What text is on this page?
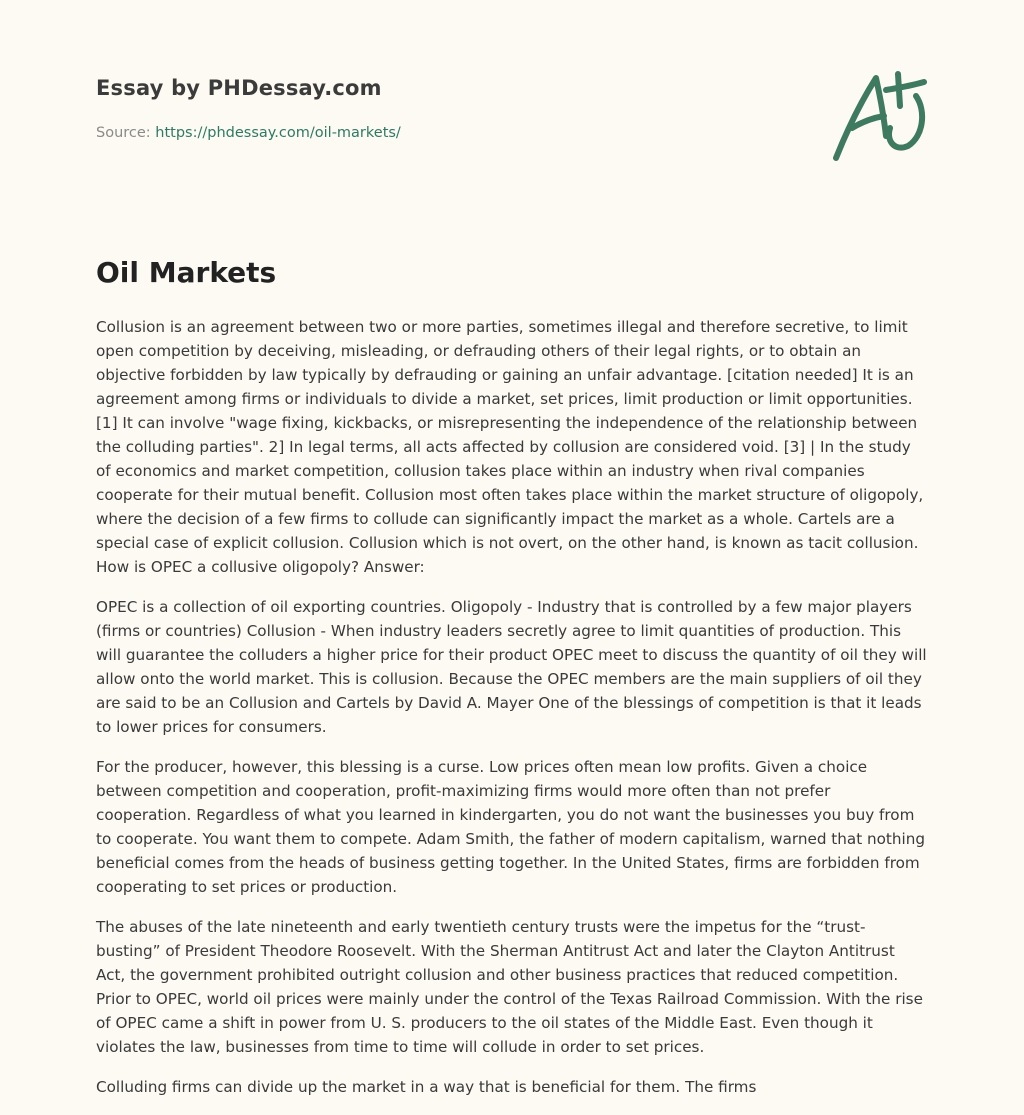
Essay by PHDessay.com
Source: https://phdessay.com/oil-markets/
Oil Markets

Collusion is an agreement between two or more parties, sometimes illegal and therefore secretive, to limit open competition by deceiving, misleading, or defrauding others of their legal rights, or to obtain an objective forbidden by law typically by defrauding or gaining an unfair advantage. [citation needed] It is an agreement among firms or individuals to divide a market, set prices, limit production or limit opportunities. [1] It can involve "wage fixing, kickbacks, or misrepresenting the independence of the relationship between the colluding parties". 2] In legal terms, all acts affected by collusion are considered void. [3] | In the study of economics and market competition, collusion takes place within an industry when rival companies cooperate for their mutual benefit. Collusion most often takes place within the market structure of oligopoly, where the decision of a few firms to collude can significantly impact the market as a whole. Cartels are a special case of explicit collusion. Collusion which is not overt, on the other hand, is known as tacit collusion. How is OPEC a collusive oligopoly? Answer:

OPEC is a collection of oil exporting countries. Oligopoly - Industry that is controlled by a few major players (firms or countries) Collusion - When industry leaders secretly agree to limit quantities of production. This will guarantee the colluders a higher price for their product OPEC meet to discuss the quantity of oil they will allow onto the world market. This is collusion. Because the OPEC members are the main suppliers of oil they are said to be an Collusion and Cartels by David A. Mayer One of the blessings of competition is that it leads to lower prices for consumers.

For the producer, however, this blessing is a curse. Low prices often mean low profits. Given a choice between competition and cooperation, profit-maximizing firms would more often than not prefer cooperation. Regardless of what you learned in kindergarten, you do not want the businesses you buy from to cooperate. You want them to compete. Adam Smith, the father of modern capitalism, warned that nothing beneficial comes from the heads of business getting together. In the United States, firms are forbidden from cooperating to set prices or production.

The abuses of the late nineteenth and early twentieth century trusts were the impetus for the “trust-busting” of President Theodore Roosevelt. With the Sherman Antitrust Act and later the Clayton Antitrust Act, the government prohibited outright collusion and other business practices that reduced competition. Prior to OPEC, world oil prices were mainly under the control of the Texas Railroad Commission. With the rise of OPEC came a shift in power from U. S. producers to the oil states of the Middle East. Even though it violates the law, businesses from time to time will collude in order to set prices.

Colluding firms can divide up the market in a way that is beneficial for them. The firms
